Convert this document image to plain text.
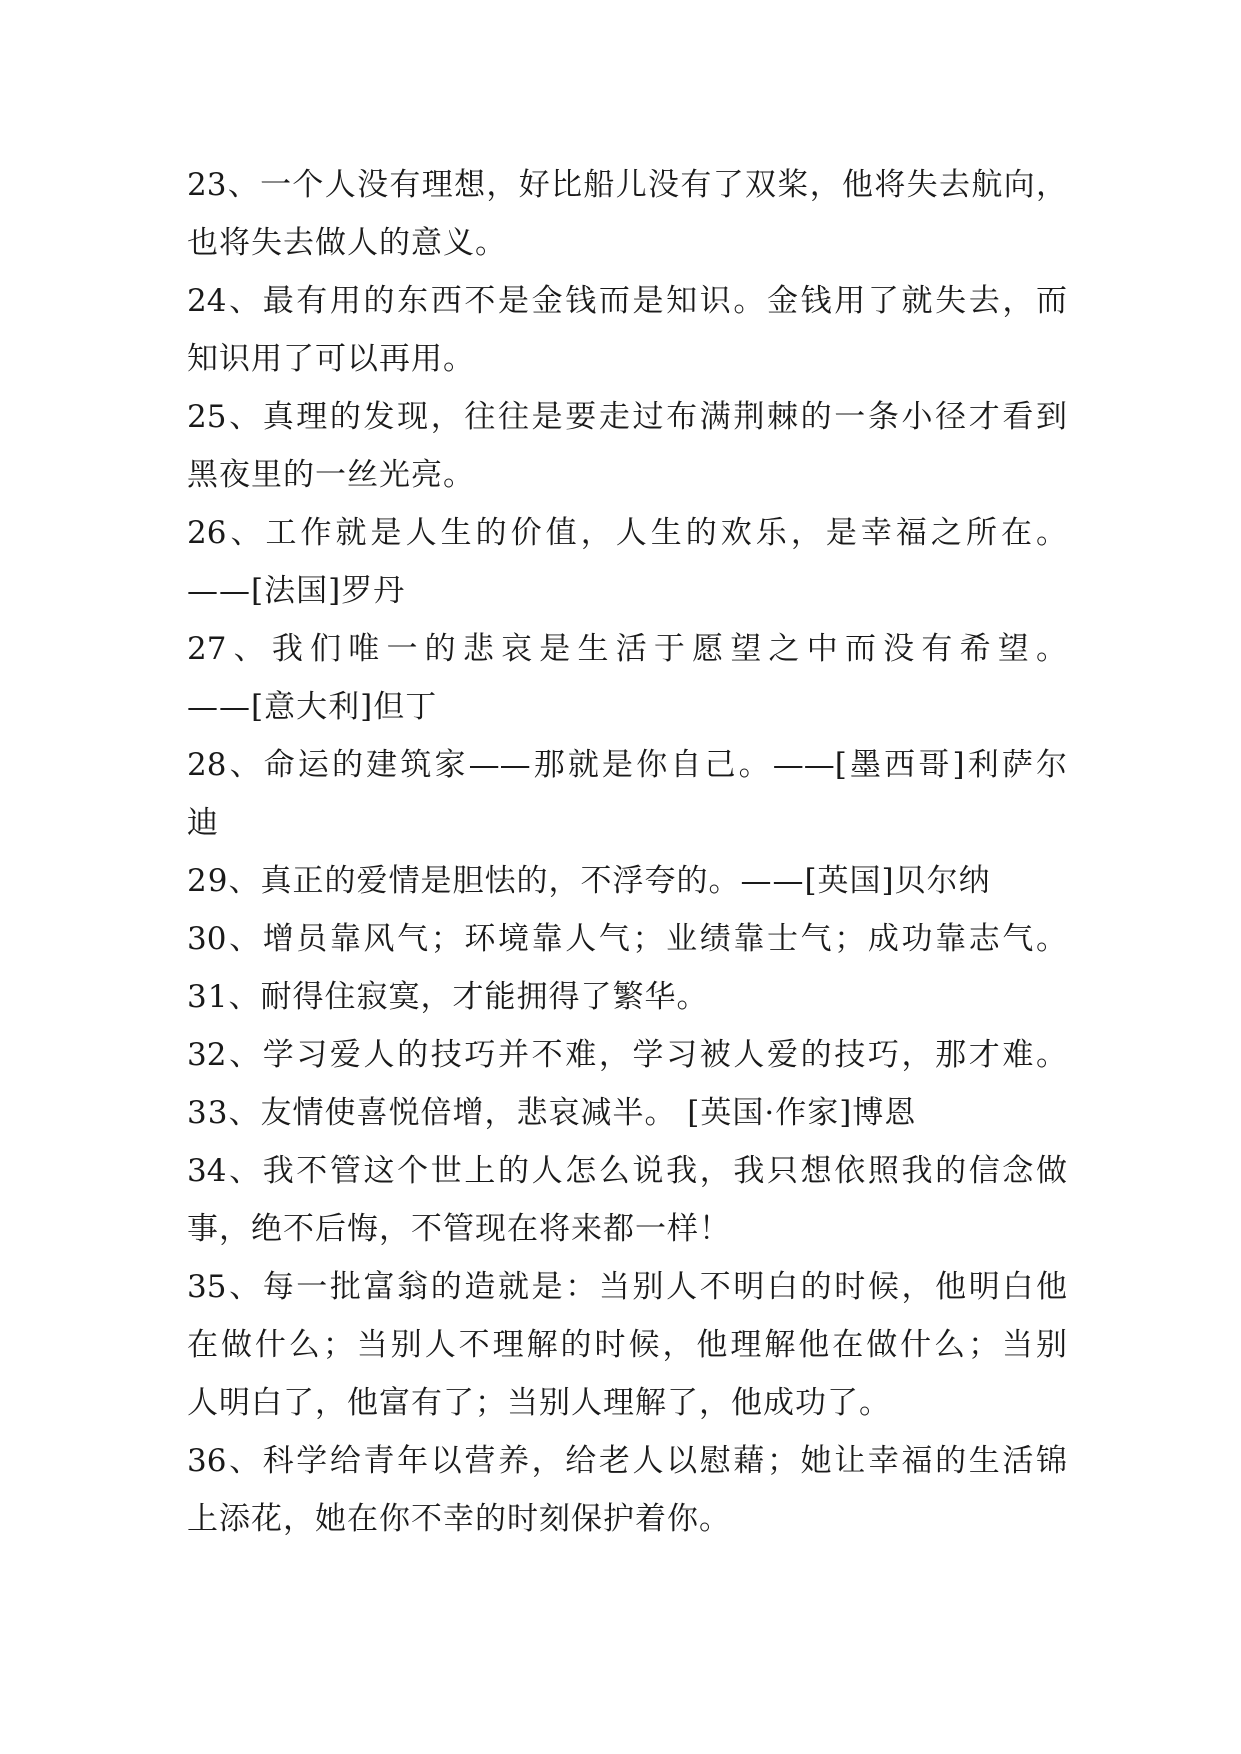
23、一个人没有理想，好比船儿没有了双桨，他将失去航向，
也将失去做人的意义。
24、最有用的东西不是金钱而是知识。金钱用了就失去，而
知识用了可以再用。
25、真理的发现，往往是要走过布满荆棘的一条小径才看到
黑夜里的一丝光亮。
26、工作就是人生的价值，人生的欢乐，是幸福之所在。
——[法国]罗丹
27、我们唯一的悲哀是生活于愿望之中而没有希望。
——[意大利]但丁
28、命运的建筑家——那就是你自己。——[墨西哥]利萨尔
迪
29、真正的爱情是胆怯的，不浮夸的。——[英国]贝尔纳
30、增员靠风气；环境靠人气；业绩靠士气；成功靠志气。
31、耐得住寂寞，才能拥得了繁华。
32、学习爱人的技巧并不难，学习被人爱的技巧，那才难。
33、友情使喜悦倍增，悲哀减半。 [英国·作家]博恩
34、我不管这个世上的人怎么说我，我只想依照我的信念做
事，绝不后悔，不管现在将来都一样！
35、每一批富翁的造就是：当别人不明白的时候，他明白他
在做什么；当别人不理解的时候，他理解他在做什么；当别
人明白了，他富有了；当别人理解了，他成功了。
36、科学给青年以营养，给老人以慰藉；她让幸福的生活锦
上添花，她在你不幸的时刻保护着你。
